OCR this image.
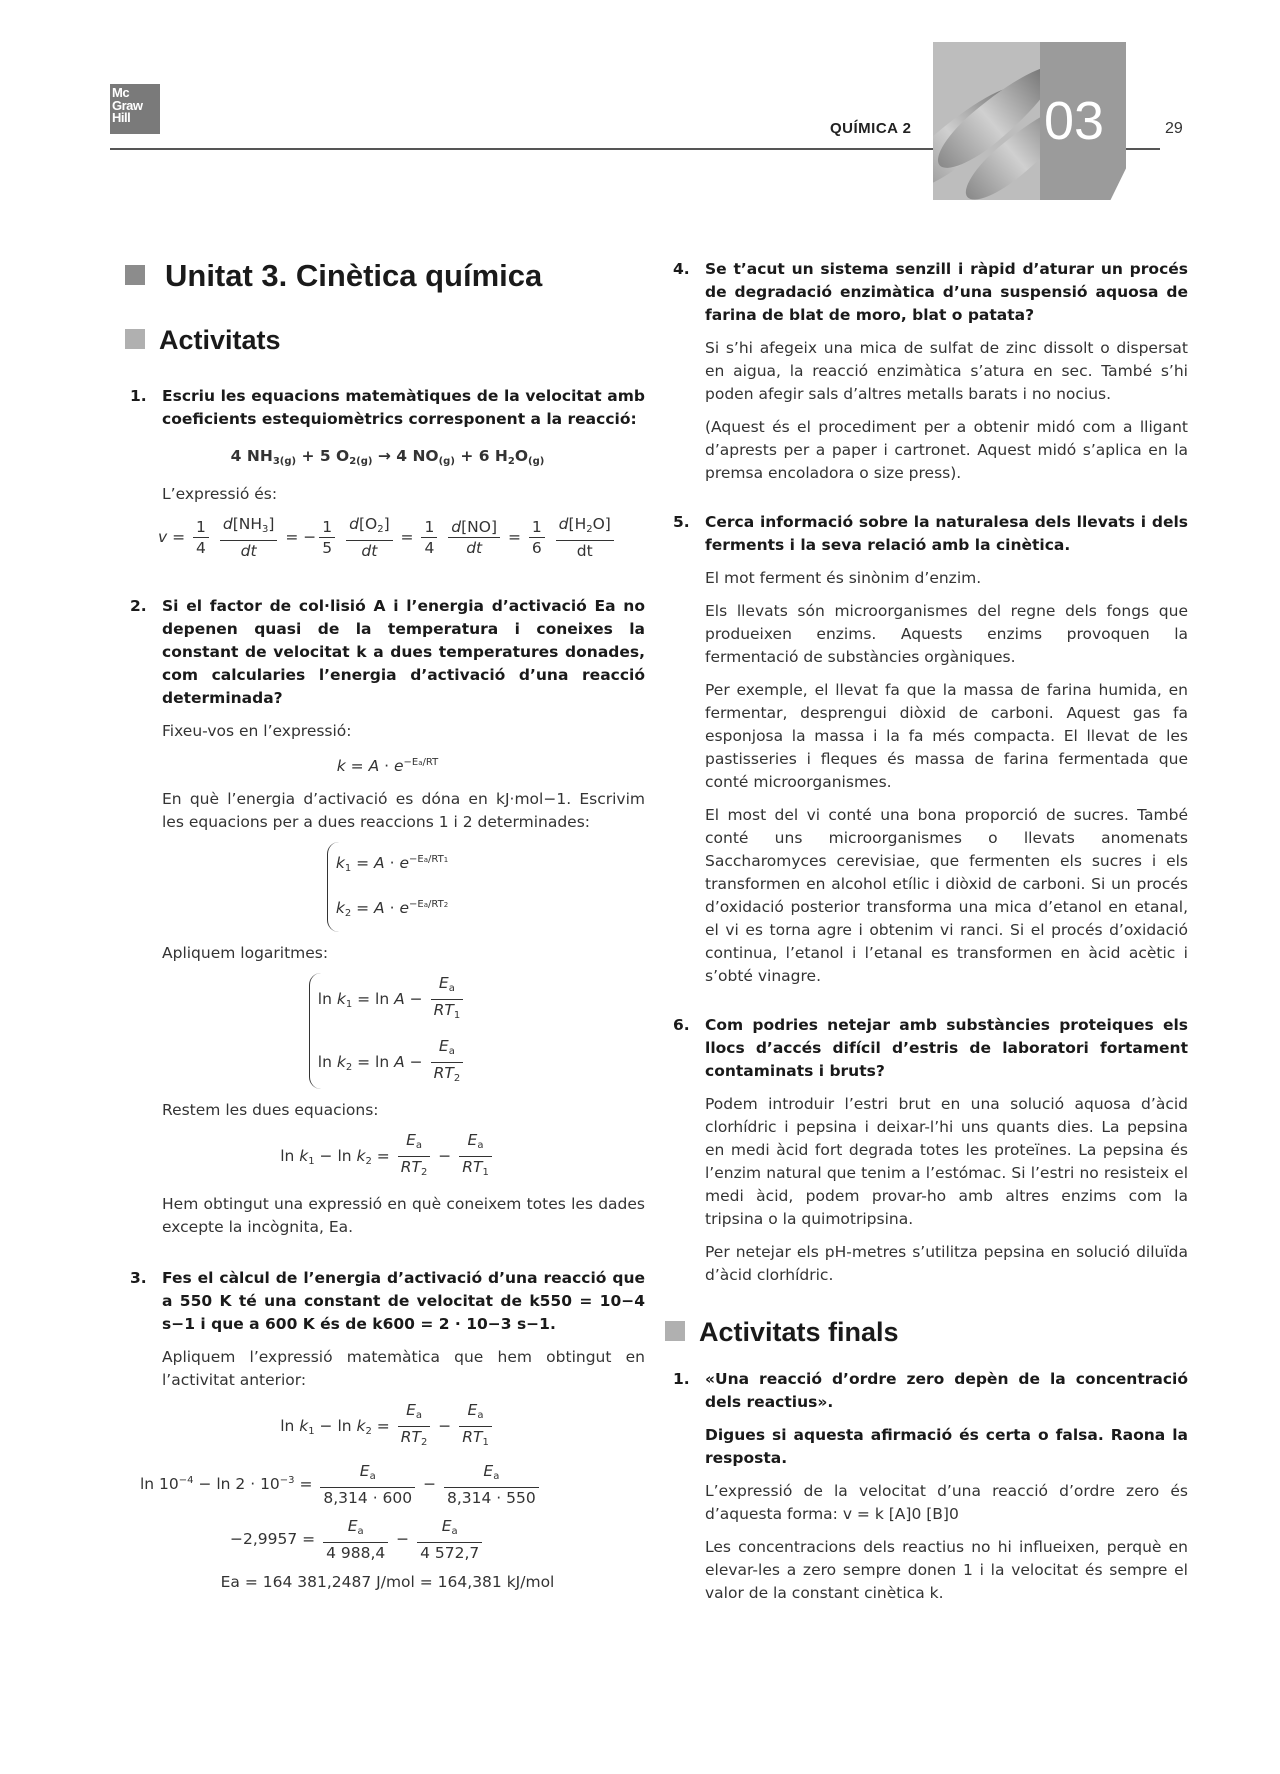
Mc
Graw
Hill
QUÍMICA 2 03	29
Unitat 3. Cinètica química
Activitats
1. Escriu les equacions matemàtiques de la velocitat amb coeficients estequiomètrics corresponent a la reacció:
4 $NH_{3(g)} + 5$ $O_{2(g)} \to 4$ $NO_{(g)} + 6$ $H_2O_{(g)}$
L’expressió és:
$v = \frac{1}{4}$
$\frac{d[NH_3]}{dt}$ = − $\frac{1}{5}$
$\frac{d[O_2]}{dt} = \frac{1}{4}$
$\frac{d[NO]}{dt} = \frac{1}{6}$
$\frac{d[H_2O]}{dt}$
2. Si el factor de col·lisió A i l’energia d’activació Ea no depenen quasi de la temperatura i coneixes la constant de velocitat k a dues temperatures donades, com calcularies l’energia d’activació d’una reacció determinada?
Fixeu-vos en l’expressió:
$k = A \cdot e^{-Ea/RT}$
En què l’energia d’activació es dóna en kJ·mol−1. Escrivim les equacions per a dues reaccions 1 i 2 determinades:
$k_1 = A \cdot e^{-Ea/RT1}$
$k_2 = A \cdot e^{-Ea/RT2}$
Apliquem logaritmes:
$\ln k_1 = \ln A - \frac{E_a}{RT_1}$
$\ln k_2 = \ln A - \frac{E_a}{RT_2}$
Restem les dues equacions:
$\ln k_1 - \ln k_2 = \frac{E_a}{RT_2} - \frac{E_a}{RT_1}$
Hem obtingut una expressió en què coneixem totes les dades excepte la incògnita, Ea.
3. Fes el càlcul de l’energia d’activació d’una reacció que a 550 K té una constant de velocitat de k550 = 10−4 s−1 i que a 600 K és de k600 = 2 · 10−3 s−1.
Apliquem l’expressió matemàtica que hem obtingut en l’activitat anterior:
$\ln k_1 - \ln k_2 = \frac{E_a}{RT_2} - \frac{E_a}{RT_1}$
$\ln 10^{-4} - \ln 2 \cdot 10^{-3} = \frac{E_a}{8,314 \cdot 600} - \frac{E_a}{8,314 \cdot 550}$
$-2,9957 = \frac{E_a}{4 988,4} - \frac{E_a}{4 572,7}$
Ea = 164 381,2487 J/mol = 164,381 kJ/mol
4. Se t’acut un sistema senzill i ràpid d’aturar un procés de degradació enzimàtica d’una suspensió aquosa de farina de blat de moro, blat o patata?
Si s’hi afegeix una mica de sulfat de zinc dissolt o dispersat en aigua, la reacció enzimàtica s’atura en sec. També s’hi poden afegir sals d’altres metalls barats i no nocius.
(Aquest és el procediment per a obtenir midó com a lligant d’aprests per a paper i cartronet. Aquest midó s’aplica en la premsa encoladora o size press).
5. Cerca informació sobre la naturalesa dels llevats i dels ferments i la seva relació amb la cinètica.
El mot ferment és sinònim d’enzim.
Els llevats són microorganismes del regne dels fongs que produeixen enzims. Aquests enzims provoquen la fermentació de substàncies orgàniques.
Per exemple, el llevat fa que la massa de farina humida, en fermentar, desprengui diòxid de carboni. Aquest gas fa esponjosa la massa i la fa més compacta. El llevat de les pastisseries i fleques és massa de farina fermentada que conté microorganismes.
El most del vi conté una bona proporció de sucres. També conté uns microorganismes o llevats anomenats Saccharomyces cerevisiae, que fermenten els sucres i els transformen en alcohol etílic i diòxid de carboni. Si un procés d’oxidació posterior transforma una mica d’etanol en etanal, el vi es torna agre i obtenim vi ranci. Si el procés d’oxidació continua, l’etanol i l’etanal es transformen en àcid acètic i s’obté vinagre.
6. Com podries netejar amb substàncies proteiques els llocs d’accés difícil d’estris de laboratori fortament contaminats i bruts?
Podem introduir l’estri brut en una solució aquosa d’àcid clorhídric i pepsina i deixar-l’hi uns quants dies. La pepsina en medi àcid fort degrada totes les proteïnes. La pepsina és l’enzim natural que tenim a l’estómac. Si l’estri no resisteix el medi àcid, podem provar-ho amb altres enzims com la tripsina o la quimotripsina.
Per netejar els pH-metres s’utilitza pepsina en solució diluïda d’àcid clorhídric.
Activitats finals
1. «Una reacció d’ordre zero depèn de la concentració dels reactius».
Digues si aquesta afirmació és certa o falsa. Raona la resposta.
L’expressió de la velocitat d’una reacció d’ordre zero és d’aquesta forma: v = k [A]0 [B]0
Les concentracions dels reactius no hi influeixen, perquè en elevar-les a zero sempre donen 1 i la velocitat és sempre el valor de la constant cinètica k.
